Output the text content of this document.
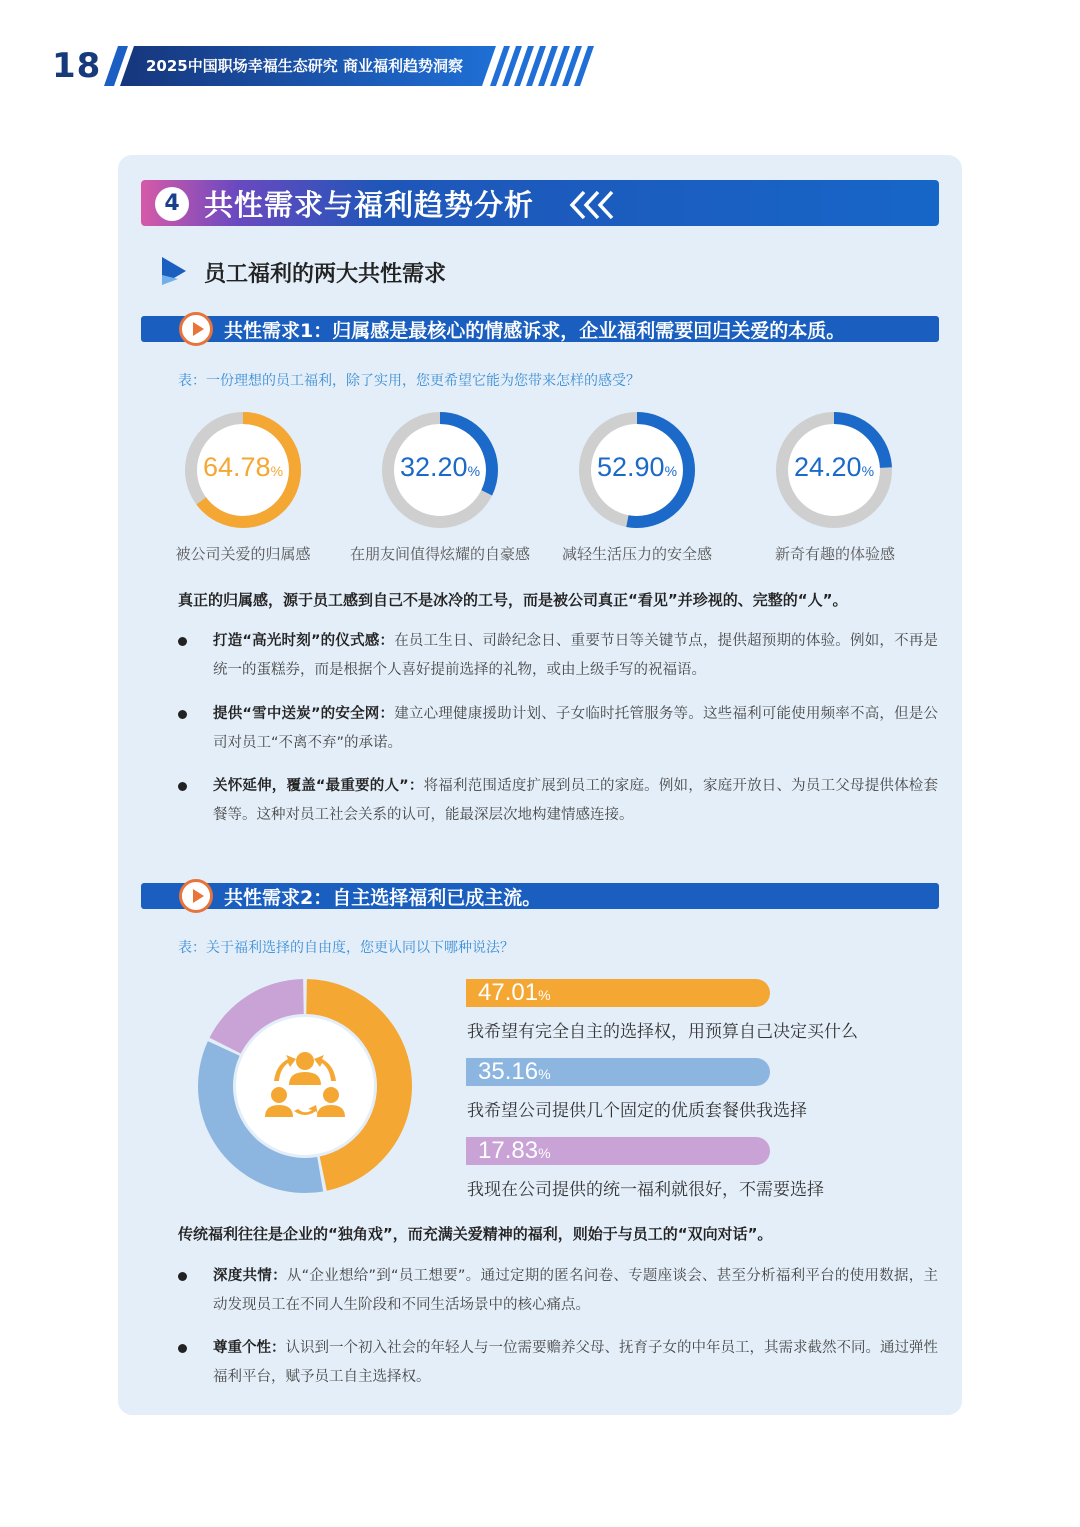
18	2025中国职场幸福生态研究 商业福利趋势洞察
4 共性需求与福利趋势分析
员工福利的两大共性需求
共性需求1：归属感是最核心的情感诉求，企业福利需要回归关爱的本质。
表：一份理想的员工福利，除了实用，您更希望它能为您带来怎样的感受？
64.78%
被公司关爱的归属感
32.20%
在朋友间值得炫耀的自豪感
52.90%
减轻生活压力的安全感
24.20%
新奇有趣的体验感
真正的归属感，源于员工感到自己不是冰冷的工号，而是被公司真正“看见”并珍视的、完整的“人”。
打造“高光时刻”的仪式感：在员工生日、司龄纪念日、重要节日等关键节点，提供超预期的体验。例如，不再是统一的蛋糕券，而是根据个人喜好提前选择的礼物，或由上级手写的祝福语。
提供“雪中送炭”的安全网：建立心理健康援助计划、子女临时托管服务等。这些福利可能使用频率不高，但是公司对员工“不离不弃”的承诺。
关怀延伸，覆盖“最重要的人”：将福利范围适度扩展到员工的家庭。例如，家庭开放日、为员工父母提供体检套餐等。这种对员工社会关系的认可，能最深层次地构建情感连接。
共性需求2：自主选择福利已成主流。
表：关于福利选择的自由度，您更认同以下哪种说法？
47.01%
我希望有完全自主的选择权，用预算自己决定买什么
35.16%
我希望公司提供几个固定的优质套餐供我选择
17.83%
我现在公司提供的统一福利就很好，不需要选择
传统福利往往是企业的“独角戏”，而充满关爱精神的福利，则始于与员工的“双向对话”。
深度共情：从“企业想给”到“员工想要”。通过定期的匿名问卷、专题座谈会、甚至分析福利平台的使用数据，主动发现员工在不同人生阶段和不同生活场景中的核心痛点。
尊重个性：认识到一个初入社会的年轻人与一位需要赡养父母、抚育子女的中年员工，其需求截然不同。通过弹性福利平台，赋予员工自主选择权。
